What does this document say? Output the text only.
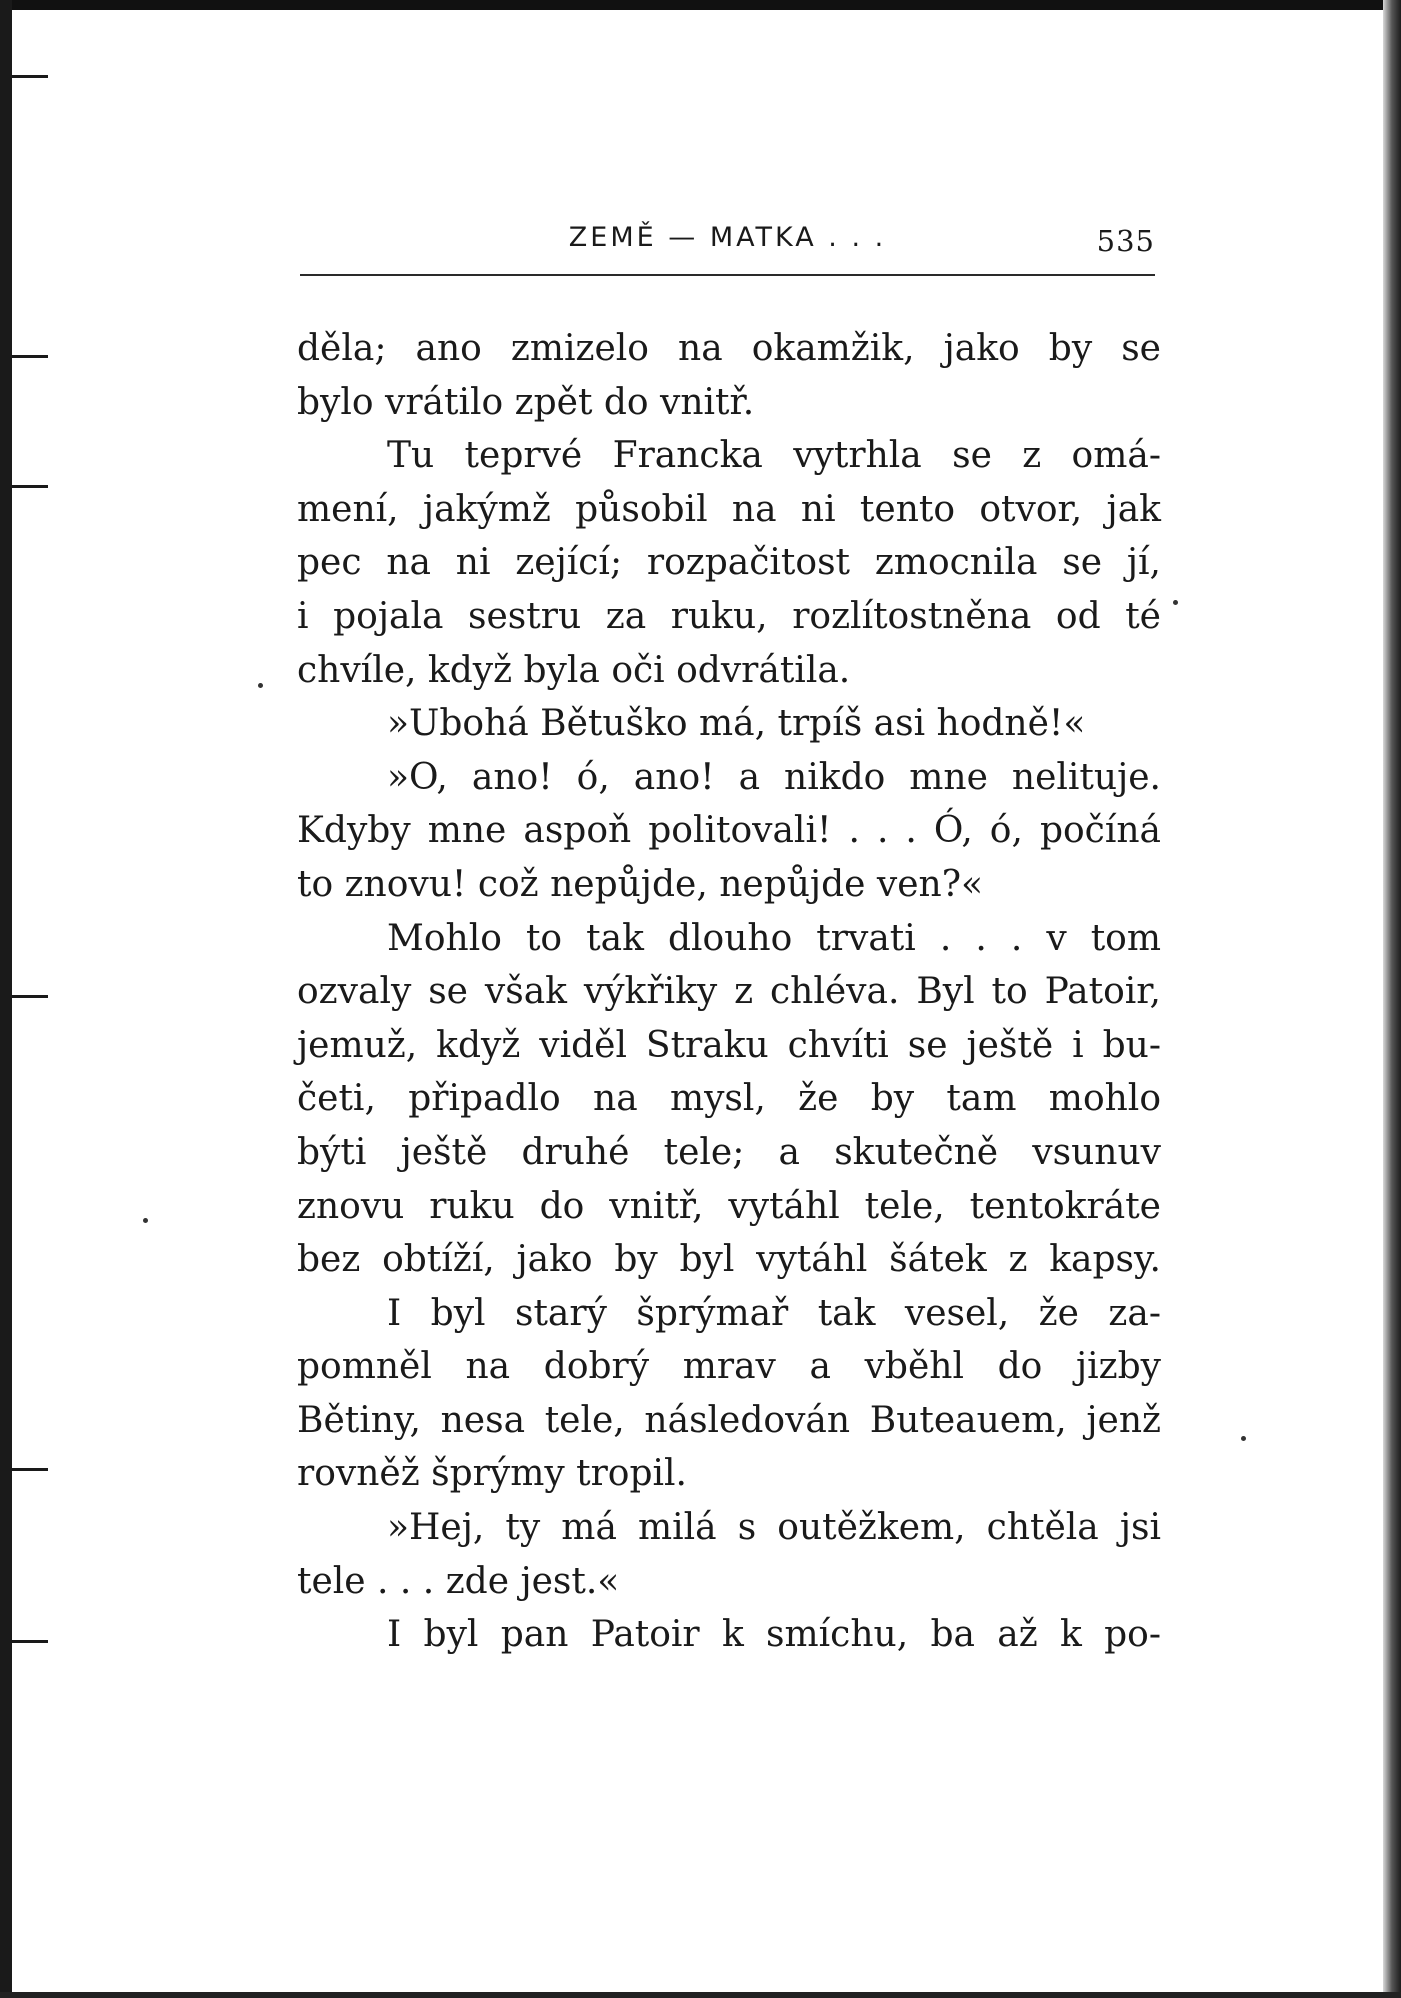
ZEMĚ — MATKA . . .	535
děla; ano zmizelo na okamžik, jako by se
bylo vrátilo zpět do vnitř.
Tu teprvé Francka vytrhla se z omá-
mení, jakýmž působil na ni tento otvor, jak
pec na ni zející; rozpačitost zmocnila se jí,
i pojala sestru za ruku, rozlítostněna od té
chvíle, když byla oči odvrátila.
»Ubohá Bětuško má, trpíš asi hodně!«
»O, ano! ó, ano! a nikdo mne nelituje.
Kdyby mne aspoň politovali! . . . Ó, ó, počíná
to znovu! což nepůjde, nepůjde ven?«
Mohlo to tak dlouho trvati . . . v tom
ozvaly se však výkřiky z chléva. Byl to Patoir,
jemuž, když viděl Straku chvíti se ještě i bu-
četi, připadlo na mysl, že by tam mohlo
býti ještě druhé tele; a skutečně vsunuv
znovu ruku do vnitř, vytáhl tele, tentokráte
bez obtíží, jako by byl vytáhl šátek z kapsy.
I byl starý šprýmař tak vesel, že za-
pomněl na dobrý mrav a vběhl do jizby
Bětiny, nesa tele, následován Buteauem, jenž
rovněž šprýmy tropil.
»Hej, ty má milá s outěžkem, chtěla jsi
tele . . . zde jest.«
I byl pan Patoir k smíchu, ba až k po-
